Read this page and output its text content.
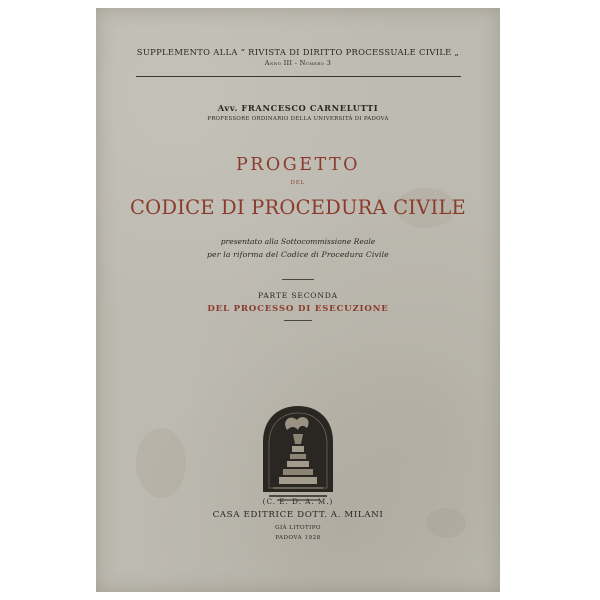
SUPPLEMENTO ALLA “ RIVISTA DI DIRITTO PROCESSUALE CIVILE „
Anno III - Numero 3
Avv. FRANCESCO CARNELUTTI
PROFESSORE ORDINARIO DELLA UNIVERSITÀ DI PADOVA
PROGETTO
DEL
CODICE DI PROCEDURA CIVILE
presentato alla Sottocommissione Reale
per la riforma del Codice di Procedura Civile
PARTE SECONDA
DEL PROCESSO DI ESECUZIONE
(C. E. D. A. M.)
CASA EDITRICE DOTT. A. MILANI
GIÀ LITOTIPO
PADOVA 1928
